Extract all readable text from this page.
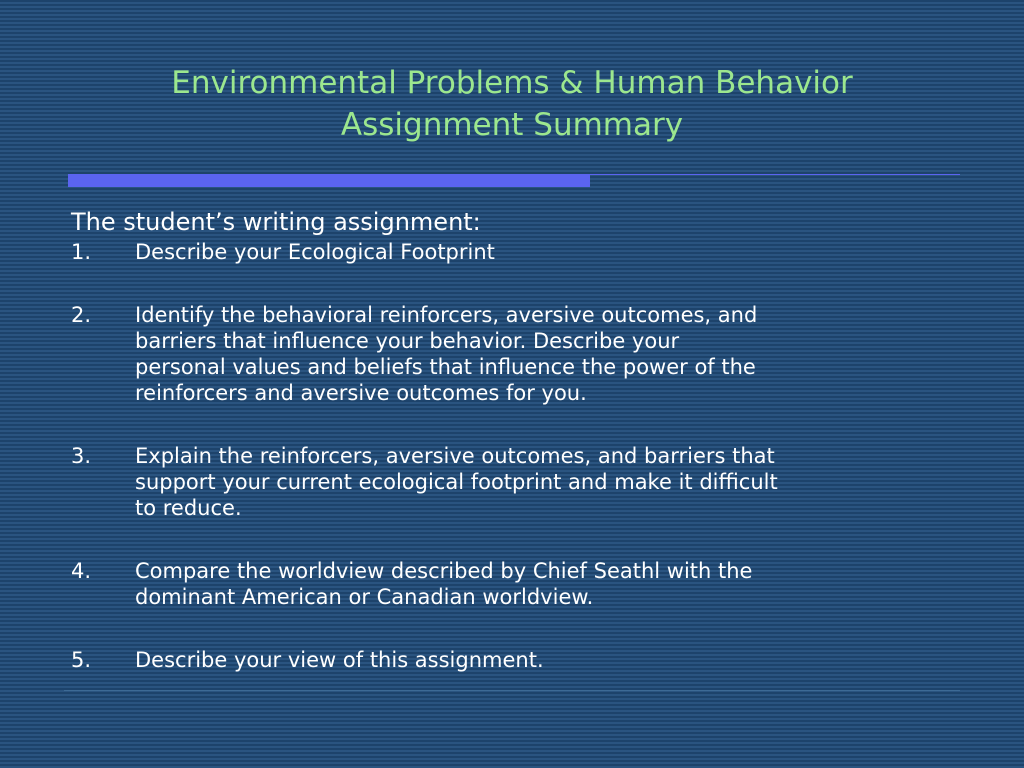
Environmental Problems & Human Behavior
Assignment Summary

The student’s writing assignment:

1.	Describe your Ecological Footprint
2.	Identify the behavioral reinforcers, aversive outcomes, and
barriers that influence your behavior. Describe your
personal values and beliefs that influence the power of the
reinforcers and aversive outcomes for you.
3.	Explain the reinforcers, aversive outcomes, and barriers that
support your current ecological footprint and make it difficult
to reduce.
4.	Compare the worldview described by Chief Seathl with the
dominant American or Canadian worldview.
5.	Describe your view of this assignment.
